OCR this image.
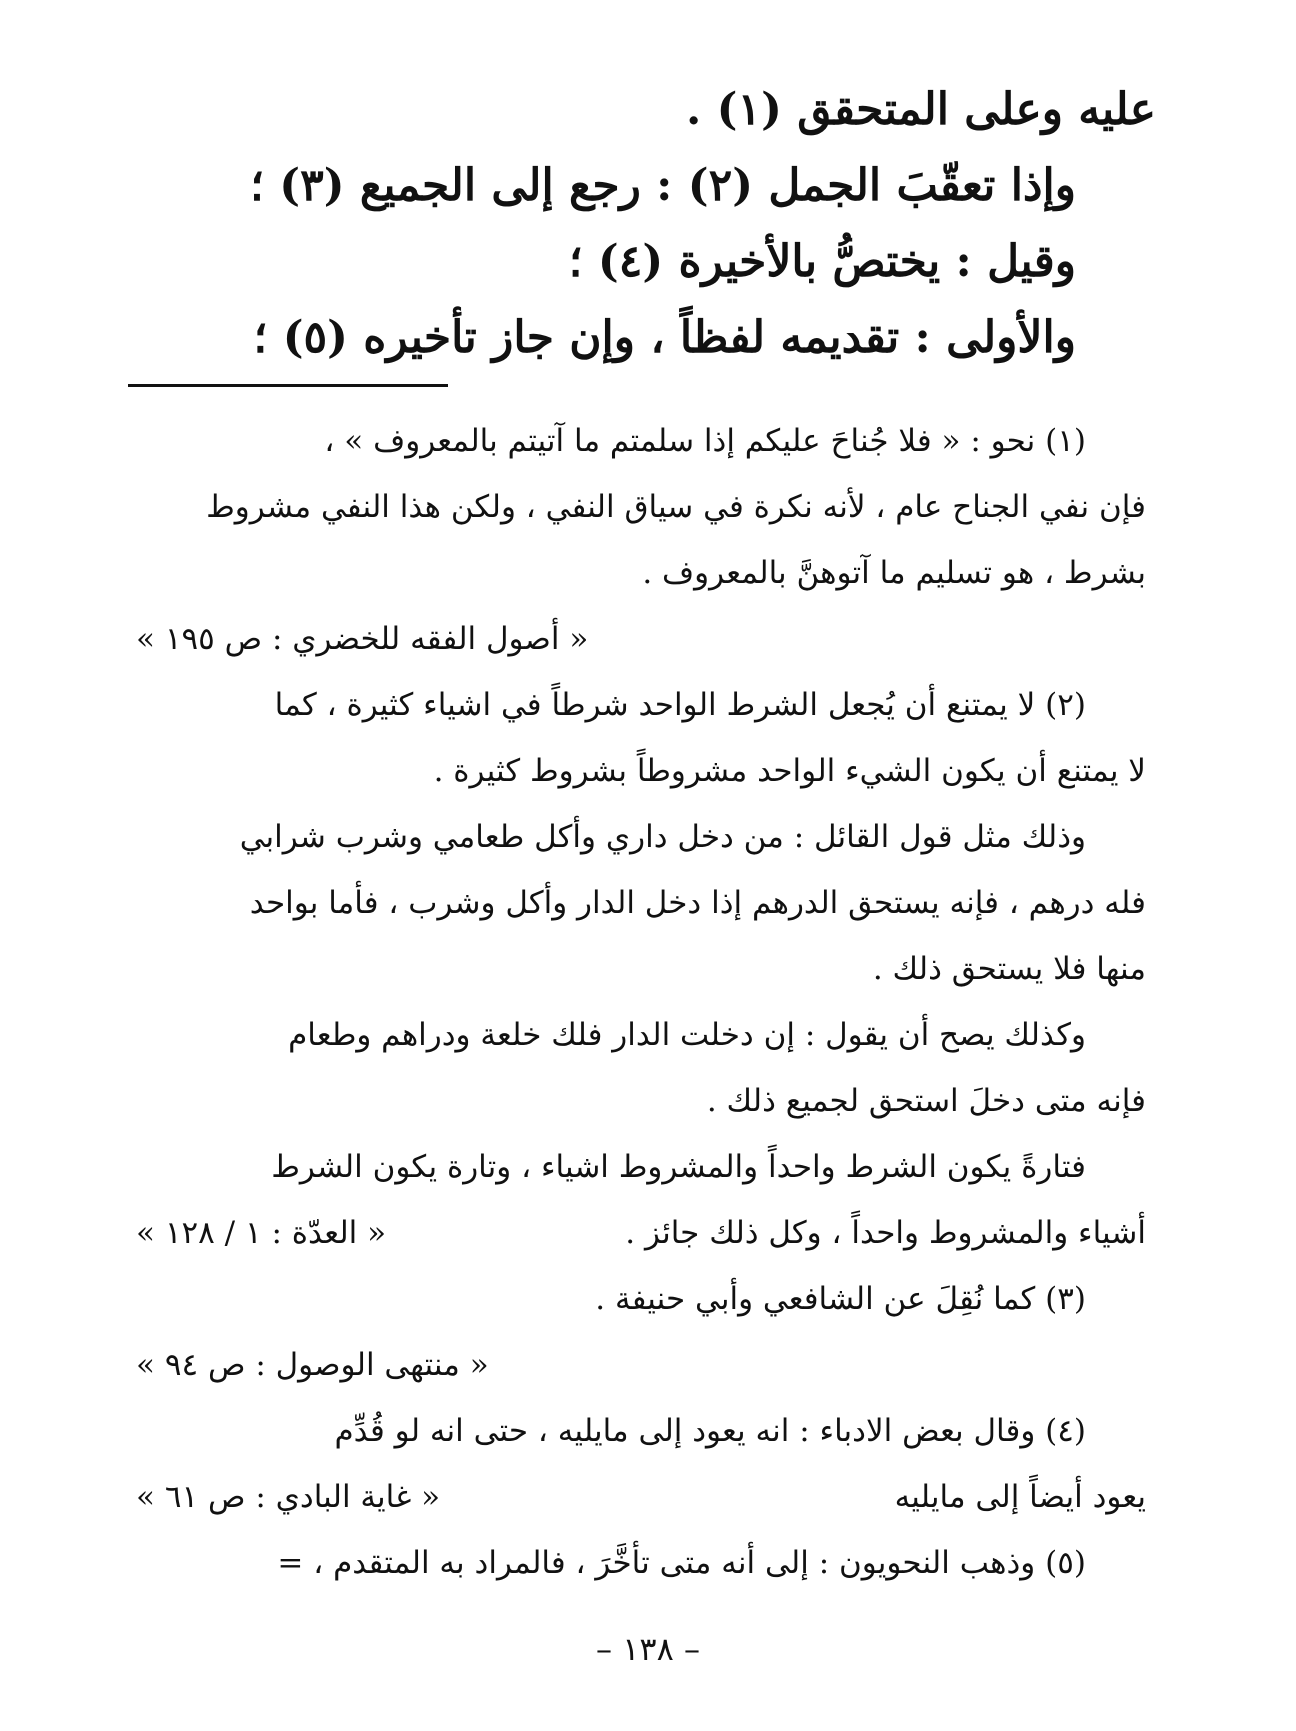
عليه وعلى المتحقق (١) .
وإذا تعقّبَ الجمل (٢) : رجع إلى الجميع (٣) ؛
وقيل : يختصُّ بالأخيرة (٤) ؛
والأولى : تقديمه لفظاً ، وإن جاز تأخيره (٥) ؛
(١) نحو : « فلا جُناحَ عليكم إذا سلمتم ما آتيتم بالمعروف » ،
فإن نفي الجناح عام ، لأنه نكرة في سياق النفي ، ولكن هذا النفي مشروط
بشرط ، هو تسليم ما آتوهنَّ بالمعروف .
« أصول الفقه للخضري : ص ١٩٥ »
(٢) لا يمتنع أن يُجعل الشرط الواحد شرطاً في اشياء كثيرة ، كما
لا يمتنع أن يكون الشيء الواحد مشروطاً بشروط كثيرة .
وذلك مثل قول القائل : من دخل داري وأكل طعامي وشرب شرابي
فله درهم ، فإنه يستحق الدرهم إذا دخل الدار وأكل وشرب ، فأما بواحد
منها فلا يستحق ذلك .
وكذلك يصح أن يقول : إن دخلت الدار فلك خلعة ودراهم وطعام
فإنه متى دخلَ استحق لجميع ذلك .
فتارةً يكون الشرط واحداً والمشروط اشياء ، وتارة يكون الشرط
أشياء والمشروط واحداً ، وكل ذلك جائز .
« العدّة : ١ / ١٢٨ »
(٣) كما نُقِلَ عن الشافعي وأبي حنيفة .
« منتهى الوصول : ص ٩٤ »
(٤) وقال بعض الادباء : انه يعود إلى مايليه ، حتى انه لو قُدِّم
يعود أيضاً إلى مايليه
« غاية البادي : ص ٦١ »
(٥) وذهب النحويون : إلى أنه متى تأخَّرَ ، فالمراد به المتقدم ، =
– ١٣٨ –
